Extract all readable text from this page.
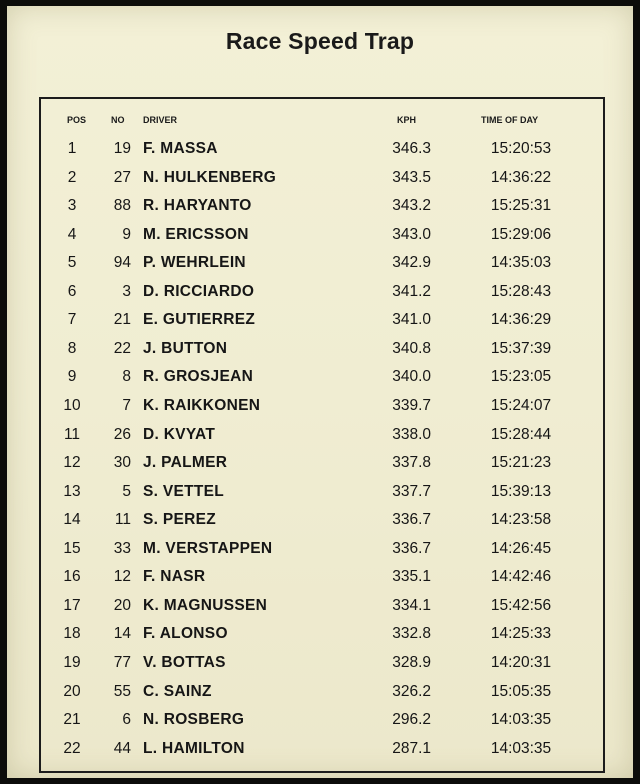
Race Speed Trap
POS	NO DRIVER	KPH	TIME OF DAY
1	19 F. MASSA	346.3	15:20:53
2	27 N. HULKENBERG	343.5	14:36:22
3	88 R. HARYANTO	343.2	15:25:31
4	9 M. ERICSSON	343.0	15:29:06
5	94 P. WEHRLEIN	342.9	14:35:03
6	3 D. RICCIARDO	341.2	15:28:43
7	21 E. GUTIERREZ	341.0	14:36:29
8	22 J. BUTTON	340.8	15:37:39
9	8 R. GROSJEAN	340.0	15:23:05
10	7 K. RAIKKONEN	339.7	15:24:07
11	26 D. KVYAT	338.0	15:28:44
12	30 J. PALMER	337.8	15:21:23
13	5 S. VETTEL	337.7	15:39:13
14	11 S. PEREZ	336.7	14:23:58
15	33 M. VERSTAPPEN	336.7	14:26:45
16	12 F. NASR	335.1	14:42:46
17	20 K. MAGNUSSEN	334.1	15:42:56
18	14 F. ALONSO	332.8	14:25:33
19	77 V. BOTTAS	328.9	14:20:31
20	55 C. SAINZ	326.2	15:05:35
21	6 N. ROSBERG	296.2	14:03:35
22	44 L. HAMILTON	287.1	14:03:35
